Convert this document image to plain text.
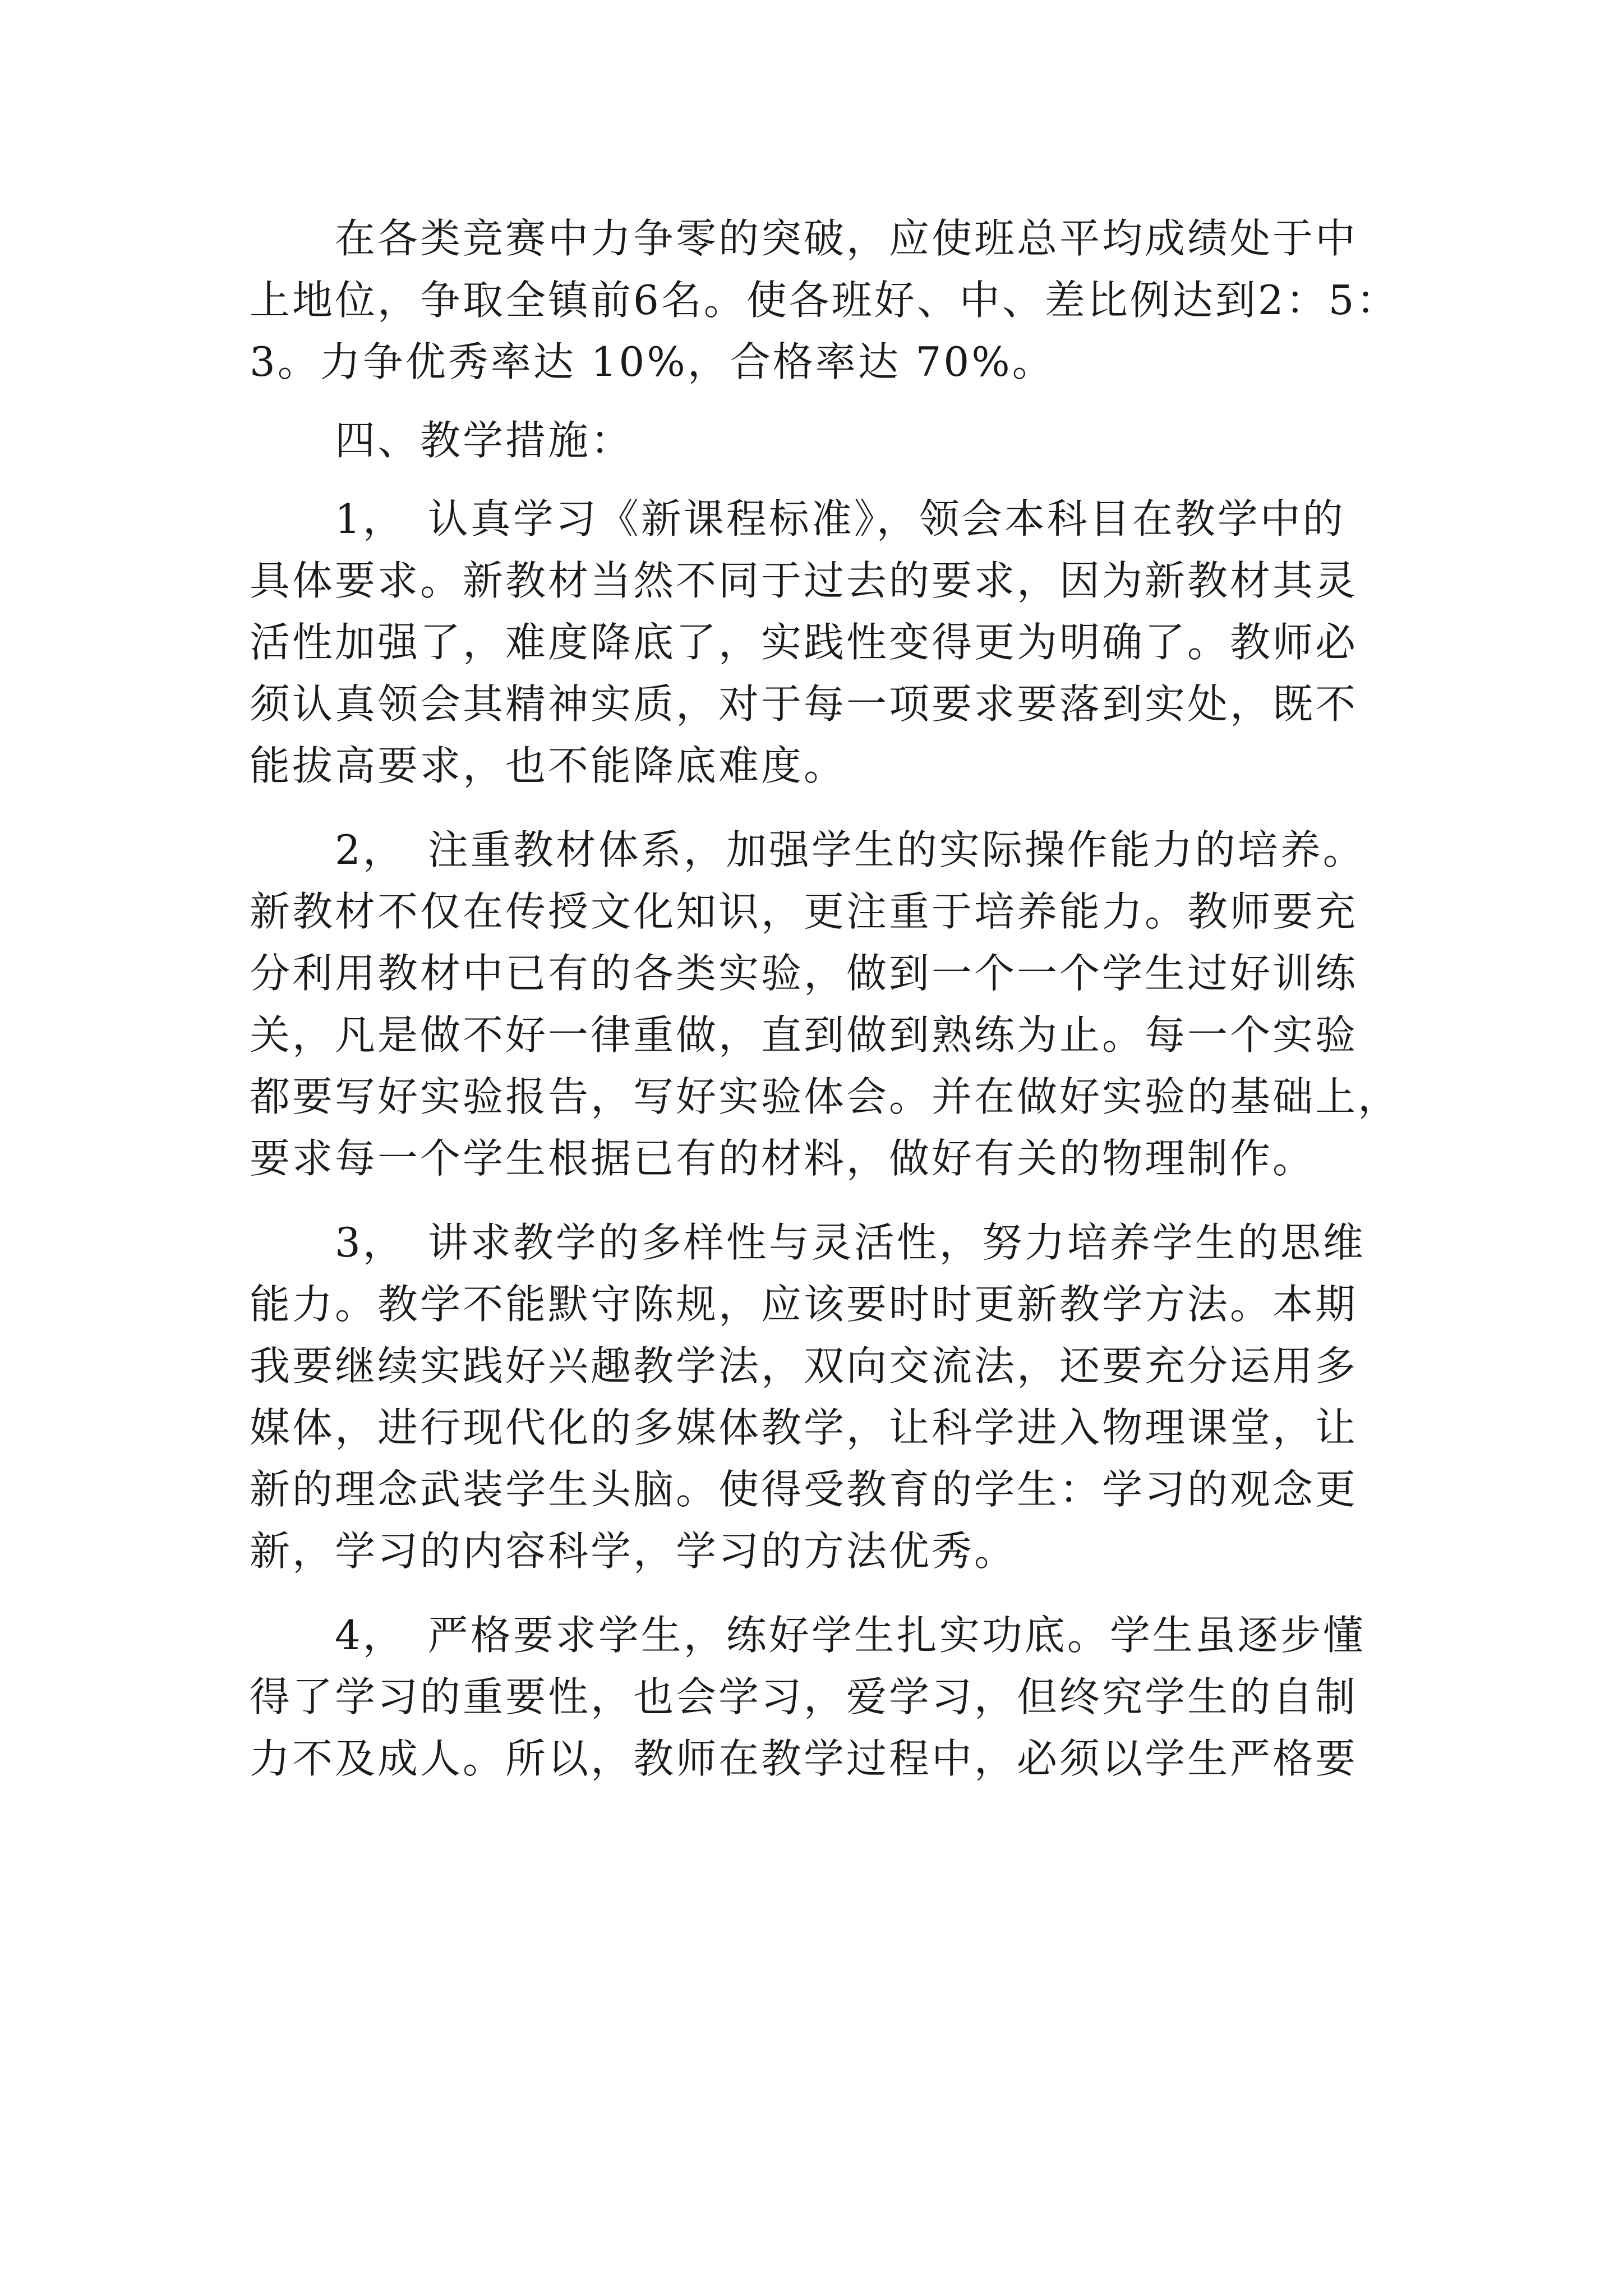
　　在各类竞赛中力争零的突破，应使班总平均成绩处于中
上地位，争取全镇前6名。使各班好、中、差比例达到2：5：
3。力争优秀率达 10%，合格率达 70%。

　　四、教学措施：

　　1，　认真学习《新课程标准》，领会本科目在教学中的
具体要求。新教材当然不同于过去的要求，因为新教材其灵
活性加强了，难度降底了，实践性变得更为明确了。教师必
须认真领会其精神实质，对于每一项要求要落到实处，既不
能拔高要求，也不能降底难度。

　　2，　注重教材体系，加强学生的实际操作能力的培养。
新教材不仅在传授文化知识，更注重于培养能力。教师要充
分利用教材中已有的各类实验，做到一个一个学生过好训练
关，凡是做不好一律重做，直到做到熟练为止。每一个实验
都要写好实验报告，写好实验体会。并在做好实验的基础上，
要求每一个学生根据已有的材料，做好有关的物理制作。

　　3，　讲求教学的多样性与灵活性，努力培养学生的思维
能力。教学不能默守陈规，应该要时时更新教学方法。本期
我要继续实践好兴趣教学法，双向交流法，还要充分运用多
媒体，进行现代化的多媒体教学，让科学进入物理课堂，让
新的理念武装学生头脑。使得受教育的学生：学习的观念更
新，学习的内容科学，学习的方法优秀。

　　4，　严格要求学生，练好学生扎实功底。学生虽逐步懂
得了学习的重要性，也会学习，爱学习，但终究学生的自制
力不及成人。所以，教师在教学过程中，必须以学生严格要
